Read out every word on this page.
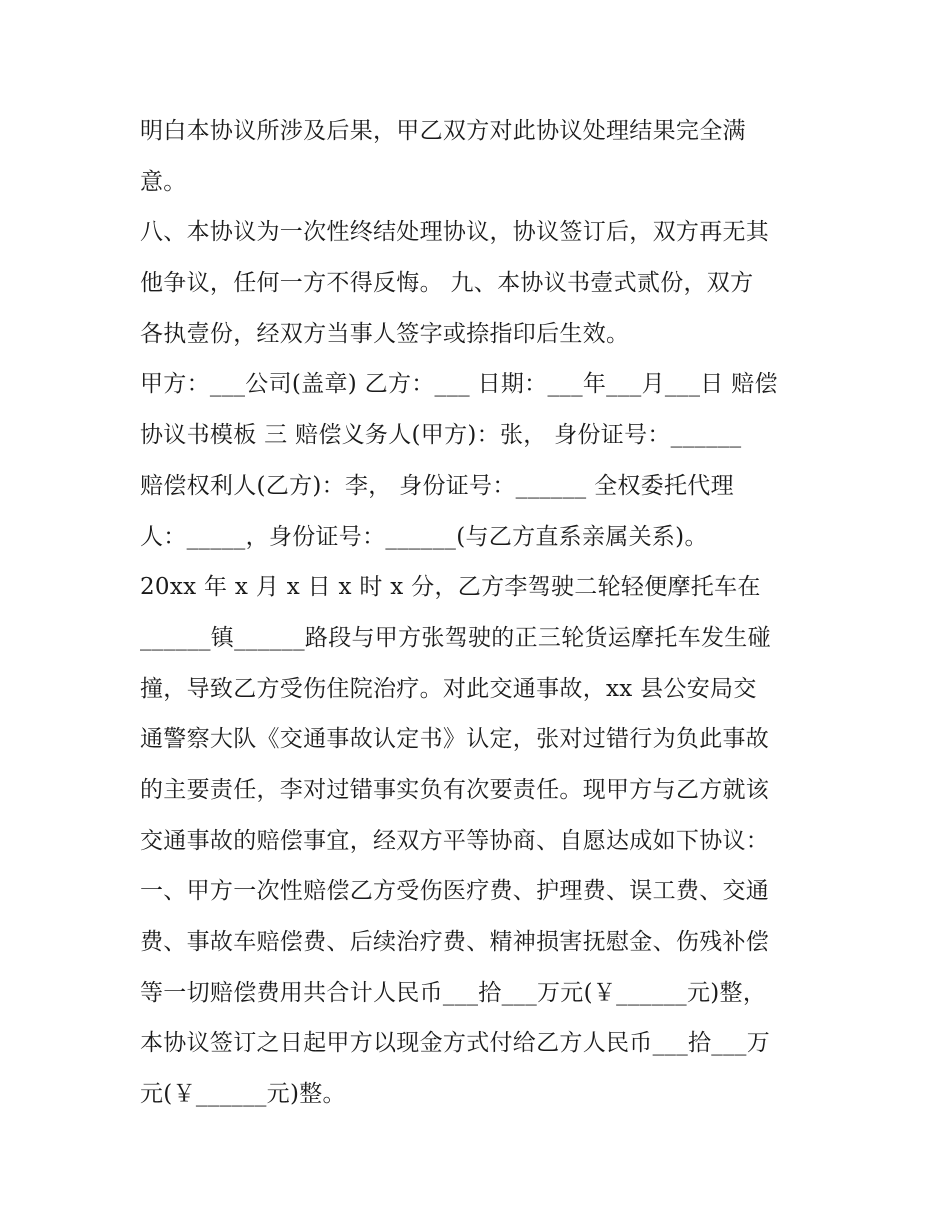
明白本协议所涉及后果，甲乙双方对此协议处理结果完全满
意。
八、本协议为一次性终结处理协议，协议签订后，双方再无其
他争议，任何一方不得反悔。 九、本协议书壹式贰份，双方
各执壹份，经双方当事人签字或捺指印后生效。
甲方：___公司(盖章) 乙方：___ 日期：___年___月___日 赔偿
协议书模板 三 赔偿义务人(甲方)：张， 身份证号：______
赔偿权利人(乙方)：李， 身份证号：______ 全权委托代理
人：_____，身份证号：______(与乙方直系亲属关系)。
20xx 年 x 月 x 日 x 时 x 分，乙方李驾驶二轮轻便摩托车在
______镇______路段与甲方张驾驶的正三轮货运摩托车发生碰
撞，导致乙方受伤住院治疗。对此交通事故，xx 县公安局交
通警察大队《交通事故认定书》认定，张对过错行为负此事故
的主要责任，李对过错事实负有次要责任。现甲方与乙方就该
交通事故的赔偿事宜，经双方平等协商、自愿达成如下协议：
一、甲方一次性赔偿乙方受伤医疗费、护理费、误工费、交通
费、事故车赔偿费、后续治疗费、精神损害抚慰金、伤残补偿
等一切赔偿费用共合计人民币___拾___万元(￥______元)整，
本协议签订之日起甲方以现金方式付给乙方人民币___拾___万
元(￥______元)整。
